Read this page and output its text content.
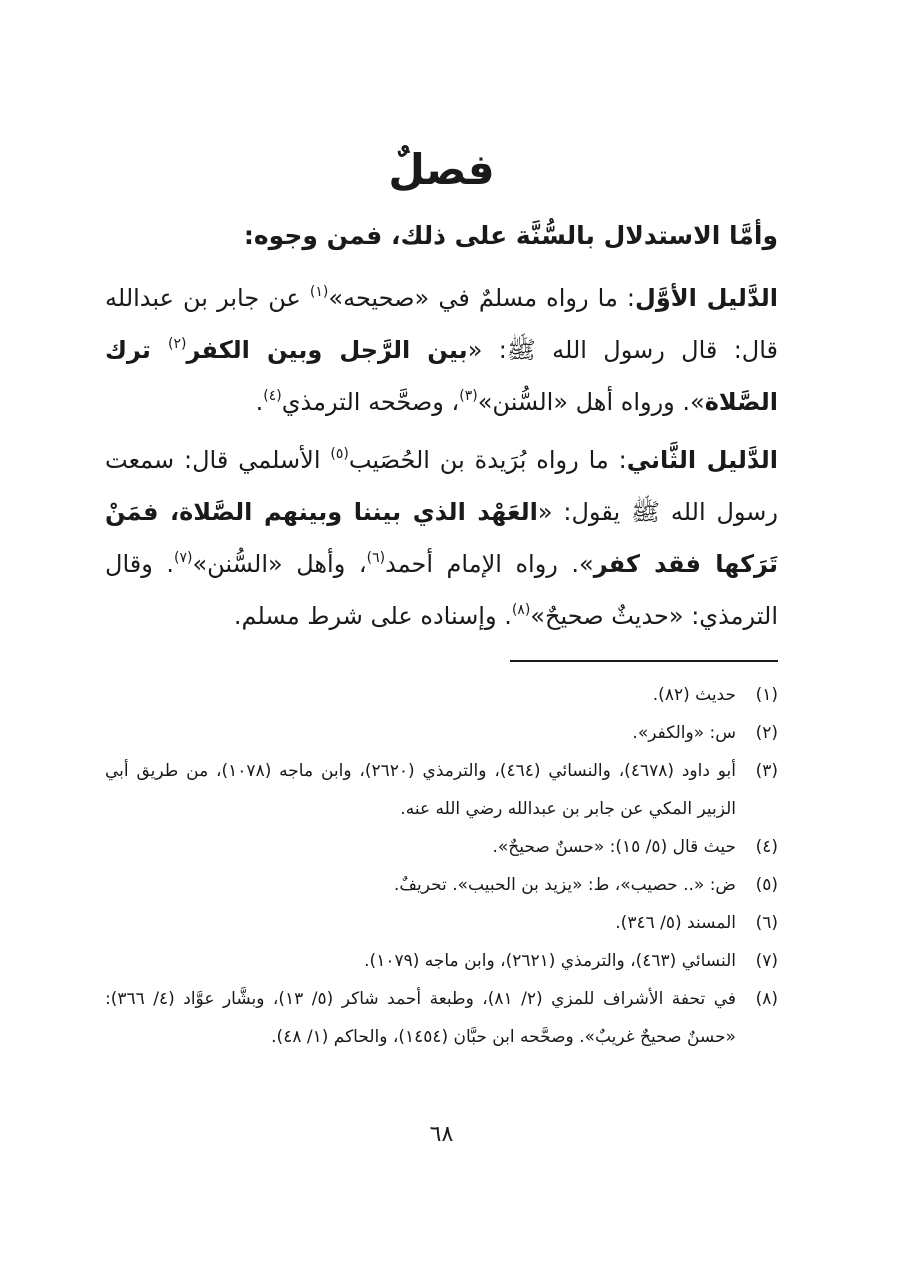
فصلٌ
وأمَّا الاستدلال بالسُّنَّة على ذلك، فمن وجوه:
الدَّليل الأوَّل: ما رواه مسلمٌ في «صحيحه»$^{(١)}$ عن جابر بن عبدالله قال: قال رسول الله ﷺ: «بين الرَّجل وبين الكفر$^{(٢)}$ ترك الصَّلاة». ورواه أهل «السُّنن»$^{(٣)}$، وصحَّحه الترمذي$^{(٤)}$.
الدَّليل الثَّاني: ما رواه بُرَيدة بن الحُصَيب$^{(٥)}$ الأسلمي قال: سمعت رسول الله ﷺ يقول: «العَهْد الذي بيننا وبينهم الصَّلاة، فمَنْ تَرَكها فقد كفر». رواه الإمام أحمد$^{(٦)}$، وأهل «السُّنن»$^{(٧)}$. وقال الترمذي: «حديثٌ صحيحٌ»$^{(٨)}$. وإسناده على شرط مسلم.
(١)
حديث (٨٢).
(٢)
س: «والكفر».
(٣)
أبو داود (٤٦٧٨)، والنسائي (٤٦٤)، والترمذي (٢٦٢٠)، وابن ماجه (١٠٧٨)، من طريق أبي الزبير المكي عن جابر بن عبدالله رضي الله عنه.
(٤)
حيث قال (٥/ ١٥): «حسنٌ صحيحٌ».
(٥)
ض: «.. حصيب»، ط: «يزيد بن الحبيب». تحريفٌ.
(٦)
المسند (٥/ ٣٤٦).
(٧)
النسائي (٤٦٣)، والترمذي (٢٦٢١)، وابن ماجه (١٠٧٩).
(٨)
في تحفة الأشراف للمزي (٢/ ٨١)، وطبعة أحمد شاكر (٥/ ١٣)، وبشَّار عوَّاد (٤/ ٣٦٦): «حسنٌ صحيحٌ غريبٌ». وصحَّحه ابن حبَّان (١٤٥٤)، والحاكم (١/ ٤٨).
٦٨
